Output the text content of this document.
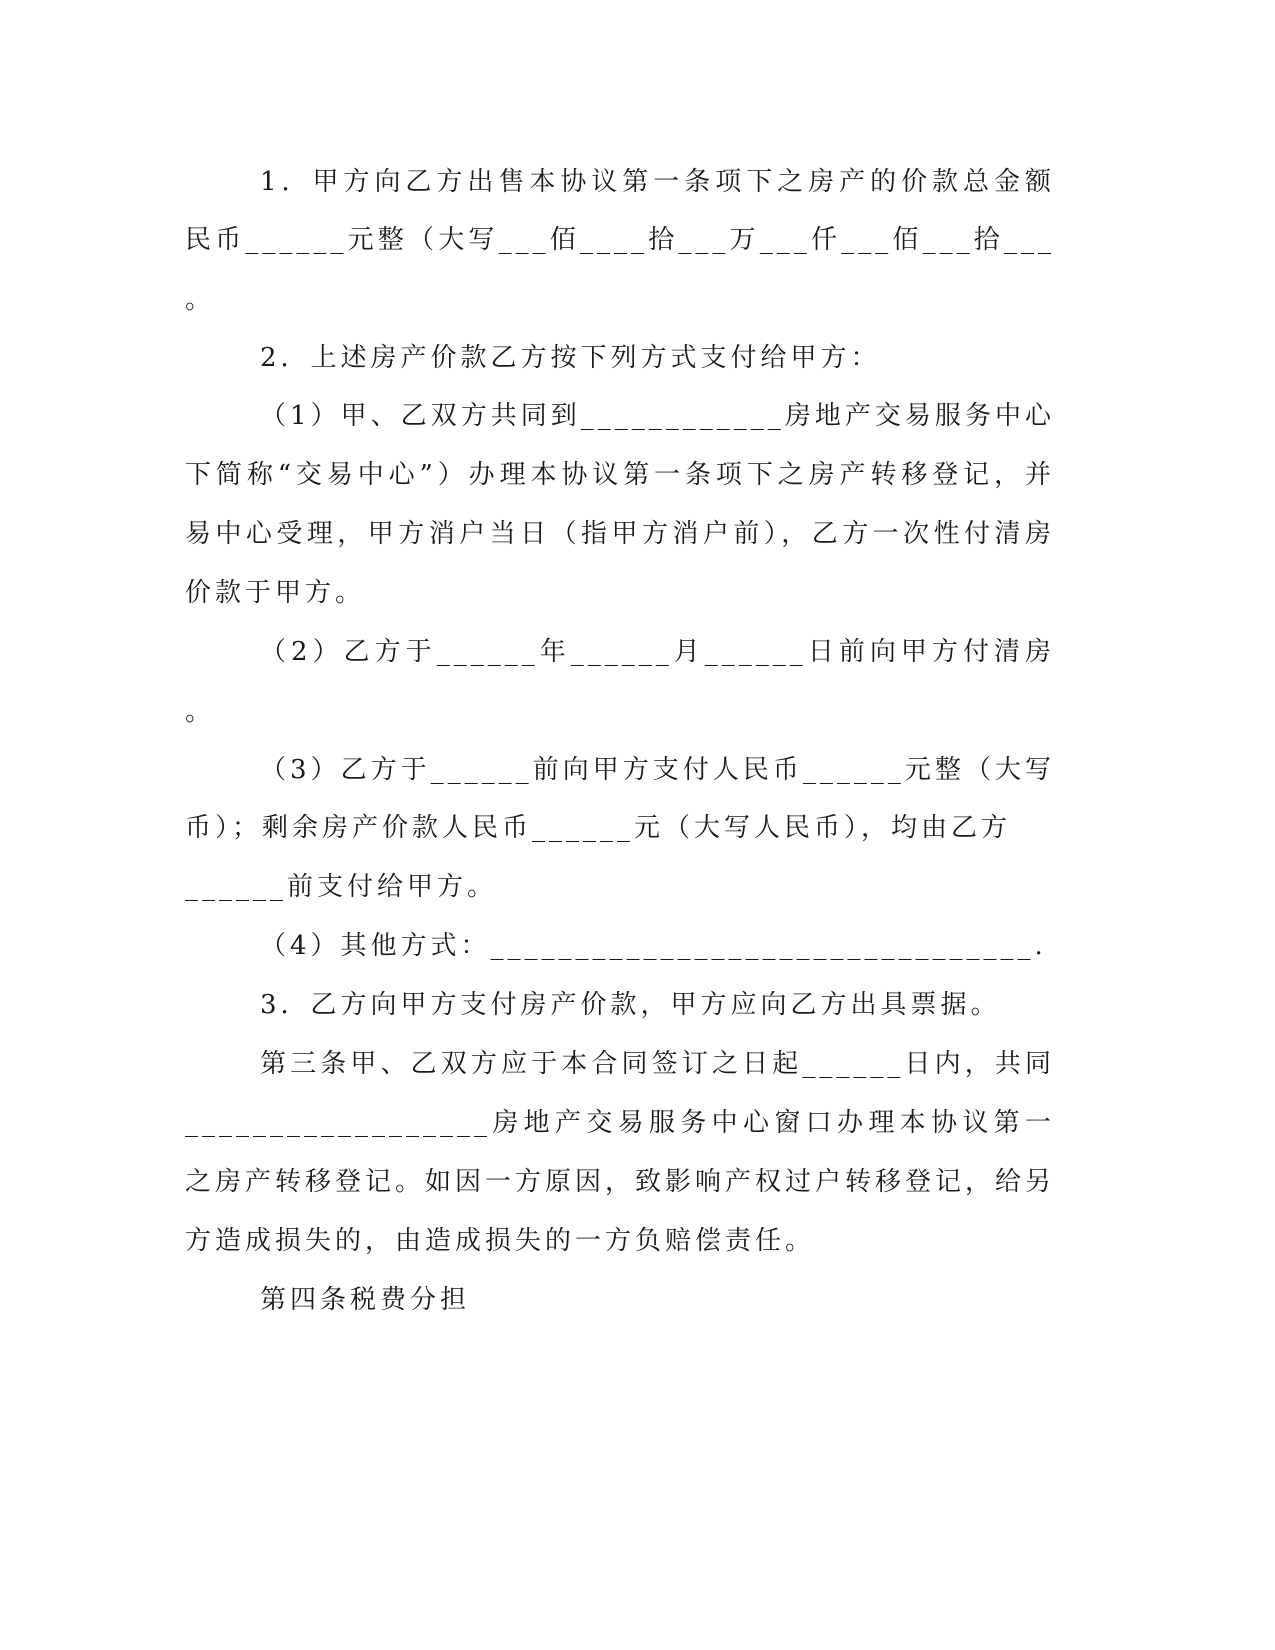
1．甲方向乙方出售本协议第一条项下之房产的价款总金额
民币______元整（大写___佰____拾___万___仟___佰___拾___
。
2．上述房产价款乙方按下列方式支付给甲方：
（1）甲、乙双方共同到____________房地产交易服务中心
下简称“交易中心”）办理本协议第一条项下之房产转移登记，并
易中心受理，甲方消户当日（指甲方消户前），乙方一次性付清房
价款于甲方。
（2）乙方于______年______月______日前向甲方付清房
。
（3）乙方于______前向甲方支付人民币______元整（大写
币）；剩余房产价款人民币______元（大写人民币），均由乙方
______前支付给甲方。
（4）其他方式：________________________________.
3．乙方向甲方支付房产价款，甲方应向乙方出具票据。
第三条甲、乙双方应于本合同签订之日起______日内，共同
__________________房地产交易服务中心窗口办理本协议第一
之房产转移登记。如因一方原因，致影响产权过户转移登记，给另
方造成损失的，由造成损失的一方负赔偿责任。
第四条税费分担
